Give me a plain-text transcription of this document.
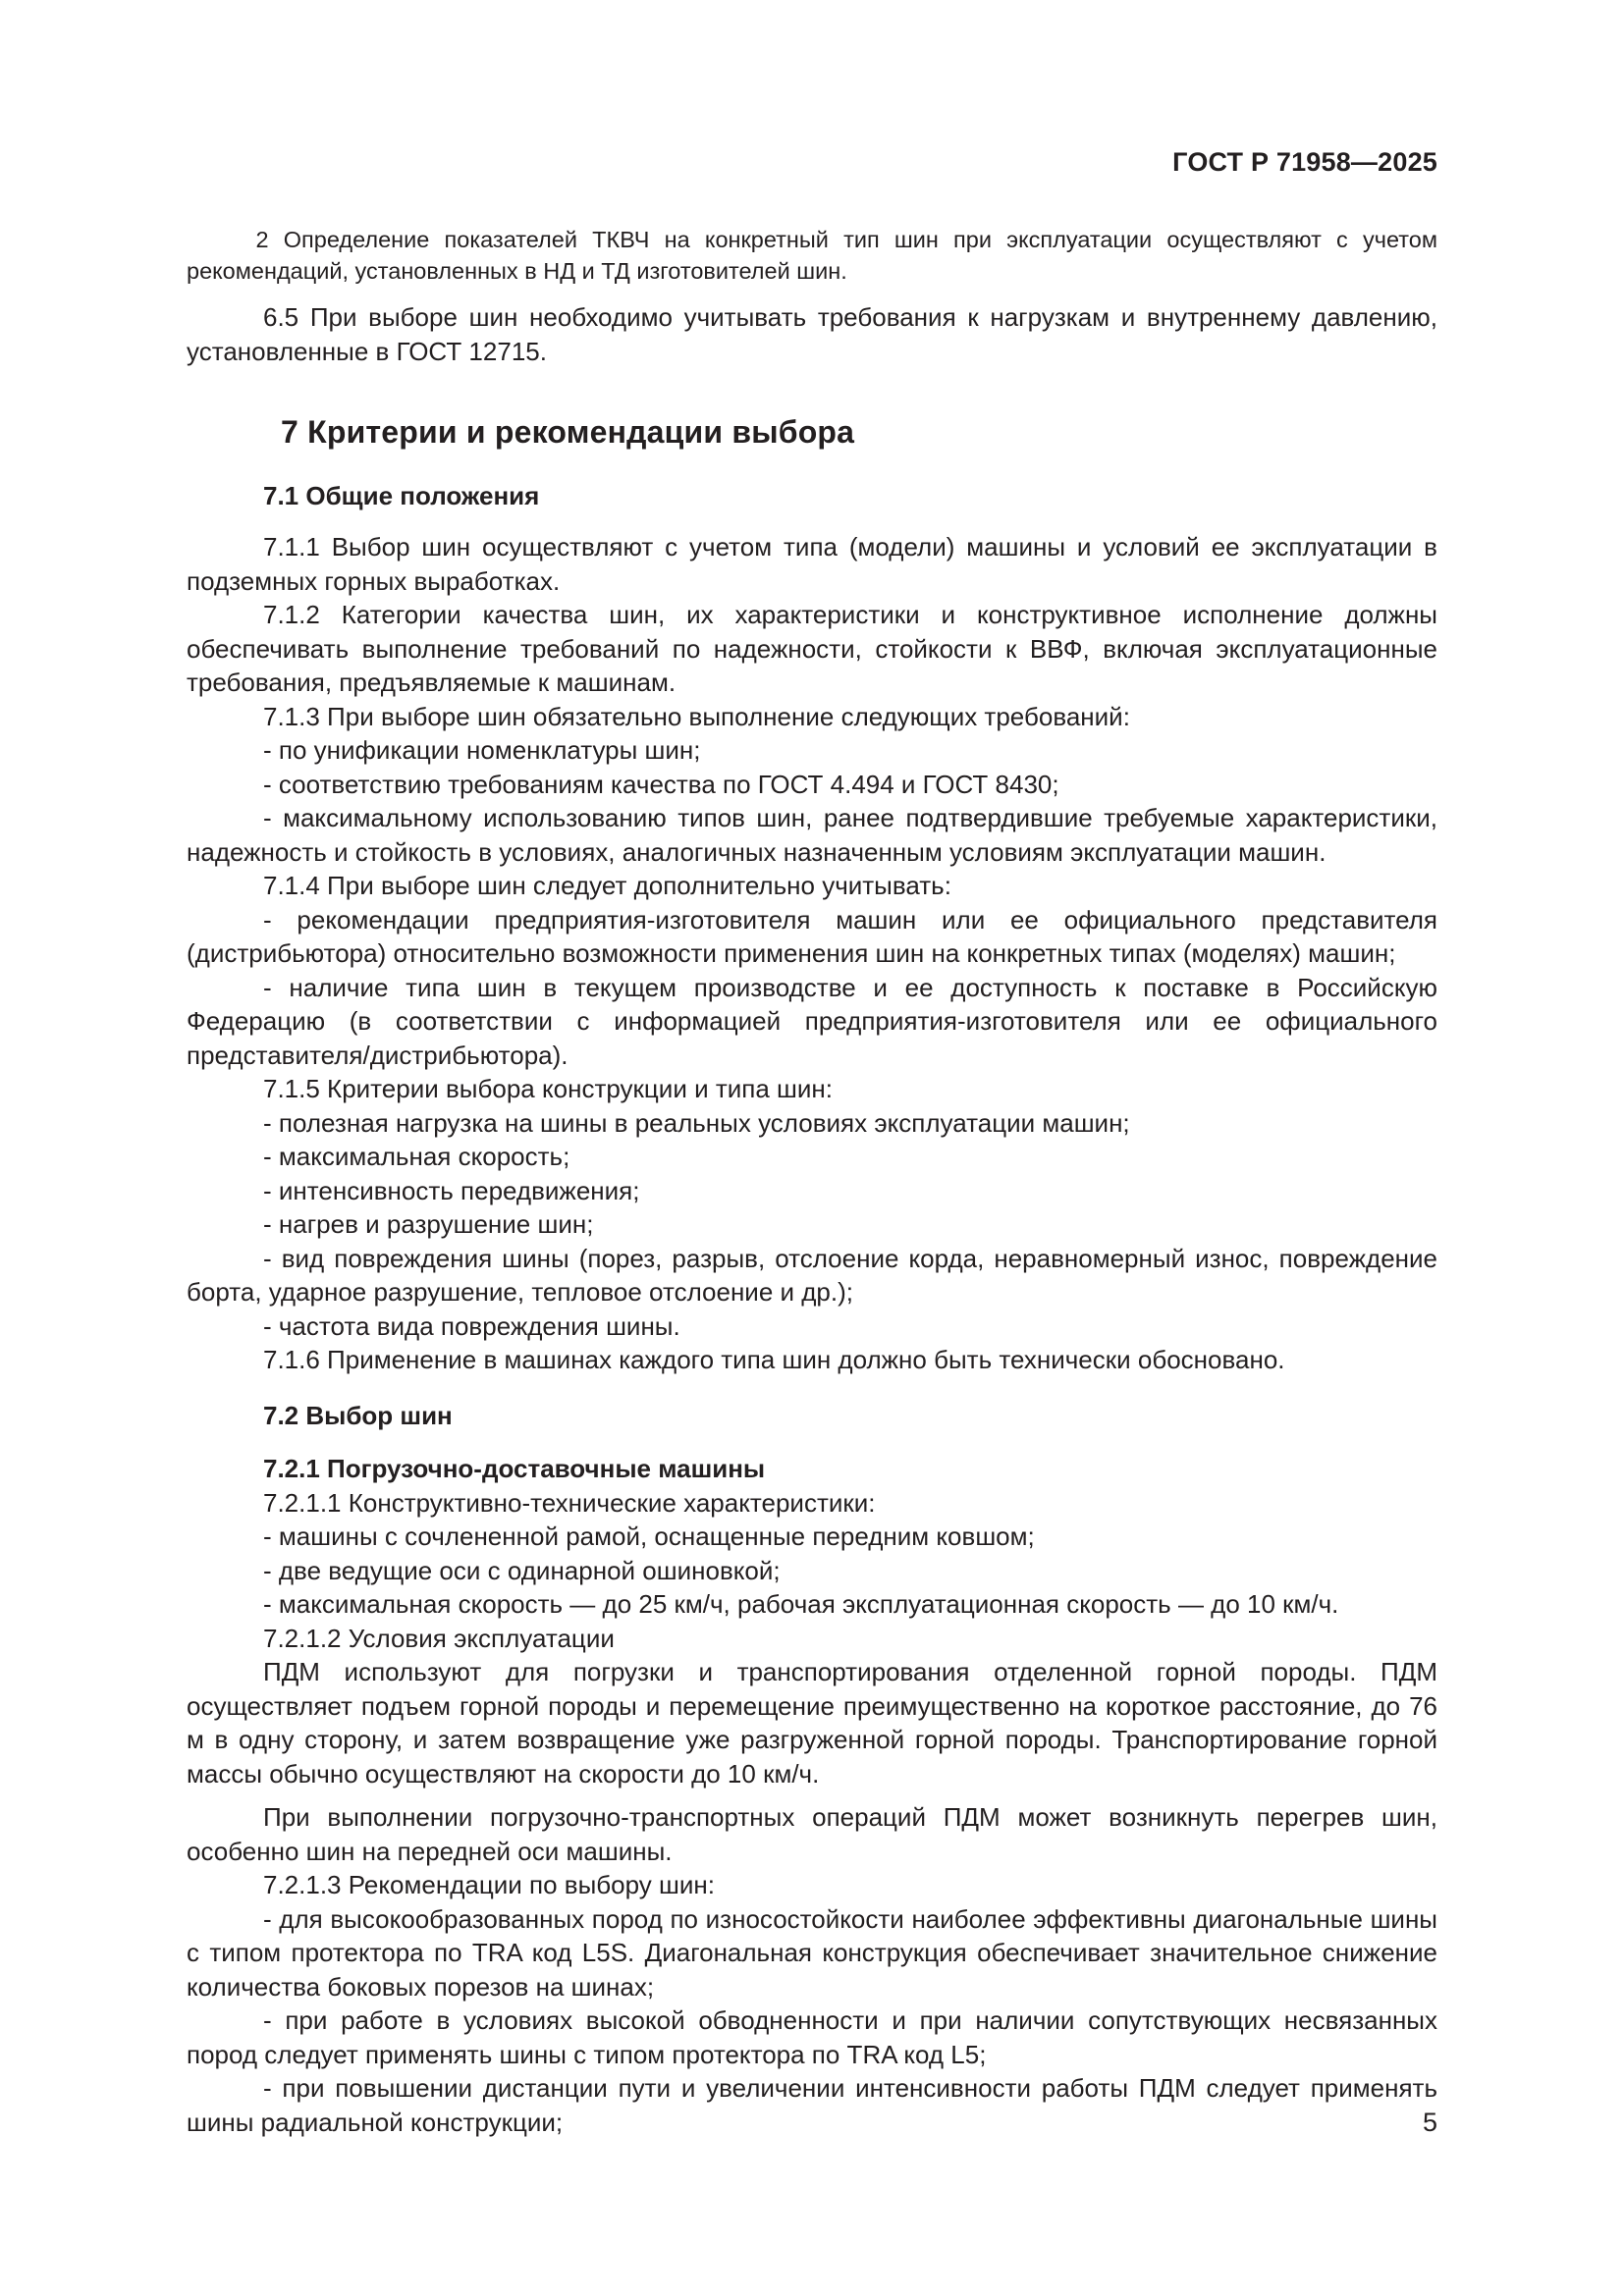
ГОСТ Р 71958—2025

2 Определение показателей ТКВЧ на конкретный тип шин при эксплуатации осуществляют с учетом рекомендаций, установленных в НД и ТД изготовителей шин.

6.5 При выборе шин необходимо учитывать требования к нагрузкам и внутреннему давлению, установленные в ГОСТ 12715.

7 Критерии и рекомендации выбора
7.1 Общие положения

7.1.1 Выбор шин осуществляют с учетом типа (модели) машины и условий ее эксплуатации в подземных горных выработках.

7.1.2 Категории качества шин, их характеристики и конструктивное исполнение должны обеспечивать выполнение требований по надежности, стойкости к ВВФ, включая эксплуатационные требования, предъявляемые к машинам.

7.1.3 При выборе шин обязательно выполнение следующих требований:

- по унификации номенклатуры шин;

- соответствию требованиям качества по ГОСТ 4.494 и ГОСТ 8430;

- максимальному использованию типов шин, ранее подтвердившие требуемые характеристики, надежность и стойкость в условиях, аналогичных назначенным условиям эксплуатации машин.

7.1.4 При выборе шин следует дополнительно учитывать:

- рекомендации предприятия-изготовителя машин или ее официального представителя (дистрибьютора) относительно возможности применения шин на конкретных типах (моделях) машин;

- наличие типа шин в текущем производстве и ее доступность к поставке в Российскую Федерацию (в соответствии с информацией предприятия-изготовителя или ее официального представителя/дистрибьютора).

7.1.5 Критерии выбора конструкции и типа шин:

- полезная нагрузка на шины в реальных условиях эксплуатации машин;

- максимальная скорость;

- интенсивность передвижения;

- нагрев и разрушение шин;

- вид повреждения шины (порез, разрыв, отслоение корда, неравномерный износ, повреждение борта, ударное разрушение, тепловое отслоение и др.);

- частота вида повреждения шины.

7.1.6 Применение в машинах каждого типа шин должно быть технически обосновано.

7.2 Выбор шин
7.2.1 Погрузочно-доставочные машины

7.2.1.1 Конструктивно-технические характеристики:

- машины с сочлененной рамой, оснащенные передним ковшом;

- две ведущие оси с одинарной ошиновкой;

- максимальная скорость — до 25 км/ч, рабочая эксплуатационная скорость — до 10 км/ч.

7.2.1.2 Условия эксплуатации

ПДМ используют для погрузки и транспортирования отделенной горной породы. ПДМ осуществляет подъем горной породы и перемещение преимущественно на короткое расстояние, до 76 м в одну сторону, и затем возвращение уже разгруженной горной породы. Транспортирование горной массы обычно осуществляют на скорости до 10 км/ч.

При выполнении погрузочно-транспортных операций ПДМ может возникнуть перегрев шин, особенно шин на передней оси машины.

7.2.1.3 Рекомендации по выбору шин:

- для высокообразованных пород по износостойкости наиболее эффективны диагональные шины с типом протектора по TRA код L5S. Диагональная конструкция обеспечивает значительное снижение количества боковых порезов на шинах;

- при работе в условиях высокой обводненности и при наличии сопутствующих несвязанных пород следует применять шины с типом протектора по TRA код L5;

- при повышении дистанции пути и увеличении интенсивности работы ПДМ следует применять шины радиальной конструкции;	5
